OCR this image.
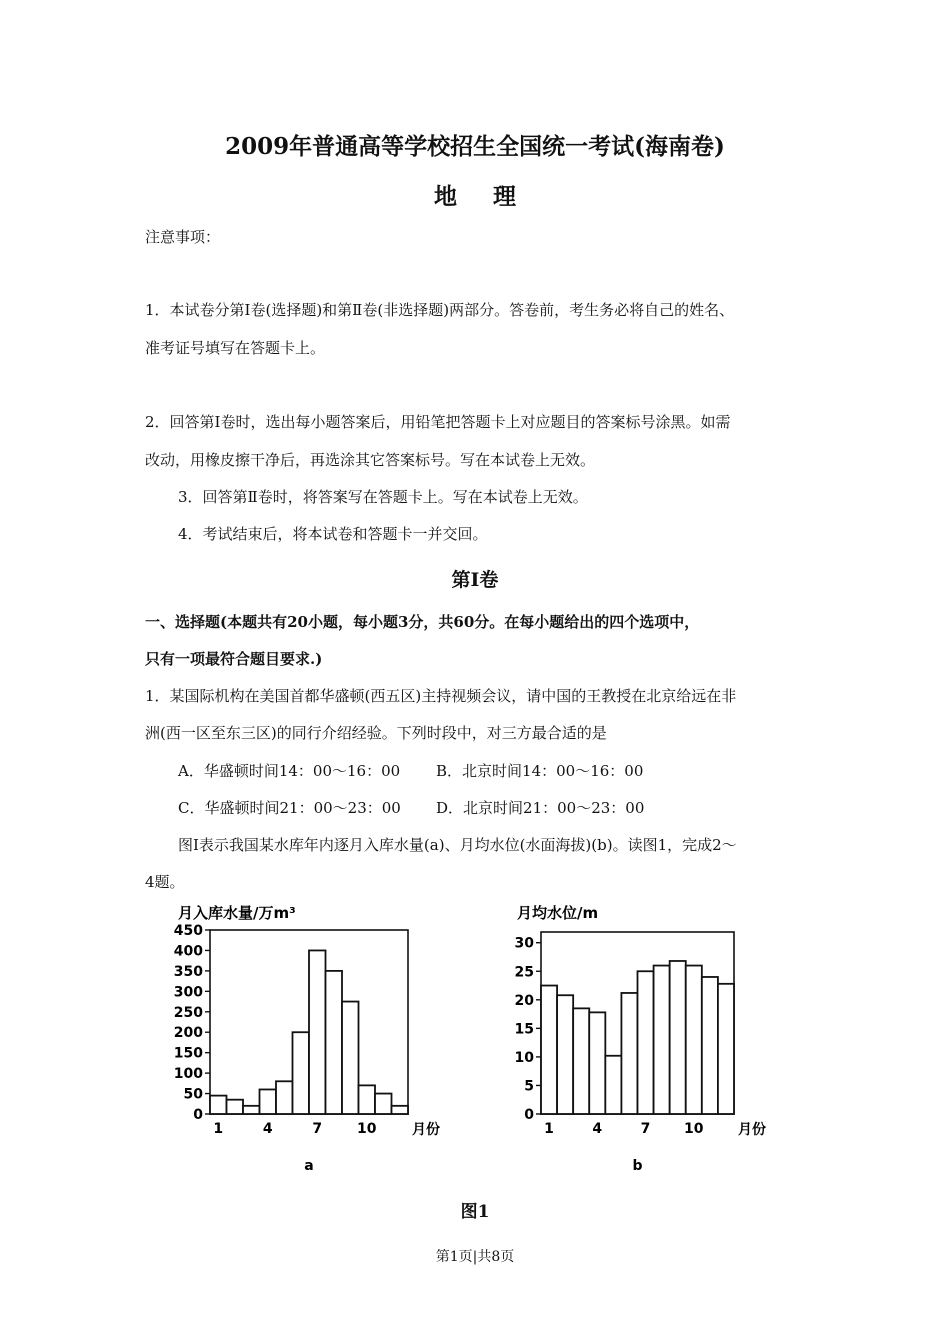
2009年普通高等学校招生全国统一考试(海南卷)
地理
注意事项：
1．本试卷分第Ⅰ卷(选择题)和第Ⅱ卷(非选择题)两部分。答卷前，考生务必将自己的姓名、
准考证号填写在答题卡上。
2．回答第Ⅰ卷时，选出每小题答案后，用铅笔把答题卡上对应题目的答案标号涂黑。如需
改动，用橡皮擦干净后，再选涂其它答案标号。写在本试卷上无效。
3．回答第Ⅱ卷时，将答案写在答题卡上。写在本试卷上无效。
4．考试结束后，将本试卷和答题卡一并交回。
第Ⅰ卷
一、选择题(本题共有20小题，每小题3分，共60分。在每小题给出的四个选项中，
只有一项最符合题目要求.)
1．某国际机构在美国首都华盛顿(西五区)主持视频会议，请中国的王教授在北京给远在非
洲(西一区至东三区)的同行介绍经验。下列时段中，对三方最合适的是
A．华盛顿时间14：00～16：00 B．北京时间14：00～16：00
C．华盛顿时间21：00～23：00 D．北京时间21：00～23：00
图Ⅰ表示我国某水库年内逐月入库水量(a)、月均水位(水面海拔)(b)。读图1，完成2～
4题。
月入库水量/万m³
0
50
100
150
200
250
300
350
400
450
1	4	7 10	月份
a
月均水位/m
0
5
10
15
20
25
30
1	4	7 10 月份
b
图1
第1页|共8页
